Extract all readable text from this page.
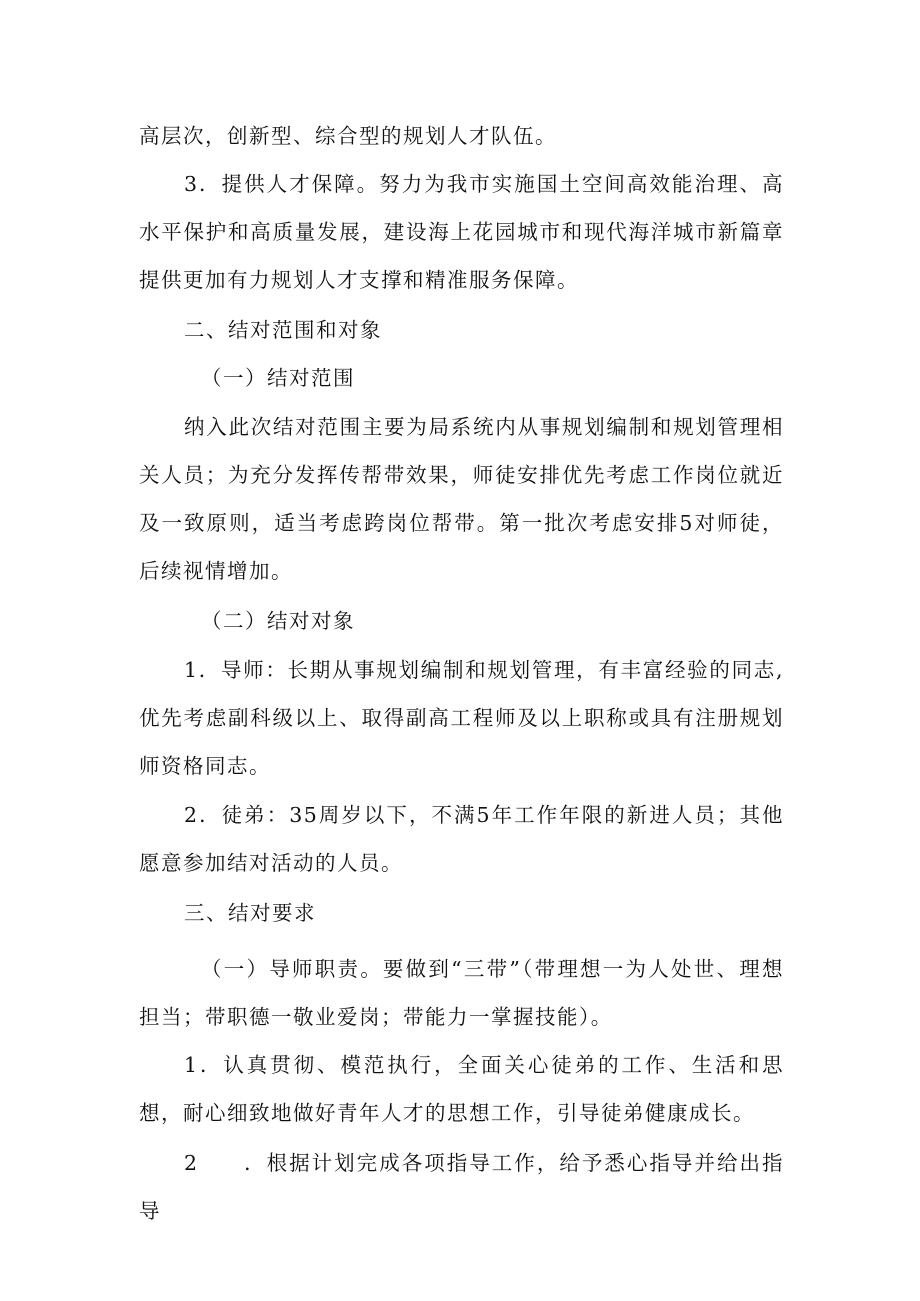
高层次，创新型、综合型的规划人才队伍。

3．提供人才保障。努力为我市实施国土空间高效能治理、高水平保护和高质量发展，建设海上花园城市和现代海洋城市新篇章提供更加有力规划人才支撑和精准服务保障。

二、结对范围和对象

（一）结对范围

纳入此次结对范围主要为局系统内从事规划编制和规划管理相关人员；为充分发挥传帮带效果，师徒安排优先考虑工作岗位就近及一致原则，适当考虑跨岗位帮带。第一批次考虑安排5对师徒，后续视情增加。

（二）结对对象

1．导师：长期从事规划编制和规划管理，有丰富经验的同志,优先考虑副科级以上、取得副高工程师及以上职称或具有注册规划师资格同志。

2．徒弟：35周岁以下，不满5年工作年限的新进人员；其他愿意参加结对活动的人员。

三、结对要求

（一）导师职责。要做到“三带”（带理想一为人处世、理想担当；带职德一敬业爱岗；带能力一掌握技能）。

1．认真贯彻、模范执行，全面关心徒弟的工作、生活和思想，耐心细致地做好青年人才的思想工作，引导徒弟健康成长。

2　　．根据计划完成各项指导工作，给予悉心指导并给出指导
